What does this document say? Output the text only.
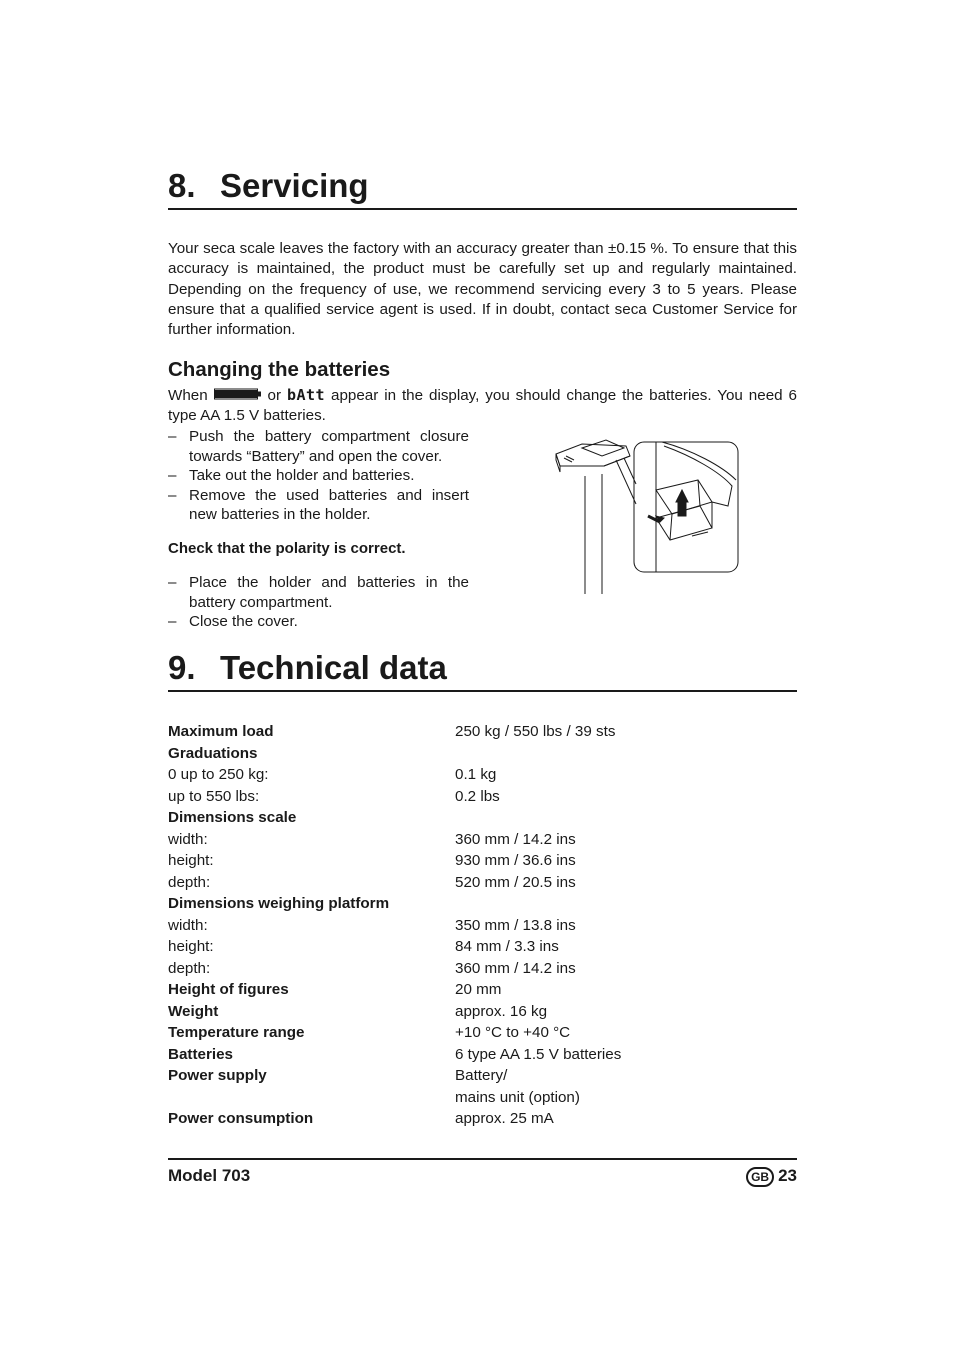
8. Servicing

Your seca scale leaves the factory with an accuracy greater than ±0.15 %. To ensure that this accuracy is maintained, the product must be carefully set up and regularly maintained. Depending on the frequency of use, we recommend servicing every 3 to 5 years. Please ensure that a qualified service agent is used. If in doubt, contact seca Customer Service for further information.

Changing the batteries

When	or bAtt appear in the display, you should change the batteries. You need 6 type AA 1.5 V batteries.

– Push the battery compartment closure towards “Battery” and open the cover.
– Take out the holder and batteries.
– Remove the used batteries and insert new batteries in the holder.
Check that the polarity is correct.
– Place the holder and batteries in the battery compartment.
– Close the cover.
9. Technical data
Maximum load	250 kg / 550 lbs / 39 sts
Graduations
0 up to 250 kg:	0.1 kg
up to 550 lbs:	0.2 lbs
Dimensions scale
width:	360 mm / 14.2 ins
height:	930 mm / 36.6 ins
depth:	520 mm / 20.5 ins
Dimensions weighing platform
width:	350 mm / 13.8 ins
height:	84 mm / 3.3 ins
depth:	360 mm / 14.2 ins
Height of figures	20 mm
Weight	approx. 16 kg
Temperature range	+10 °C to +40 °C
Batteries	6 type AA 1.5 V batteries
Power supply	Battery/
mains unit (option)
Power consumption	approx. 25 mA
Model 703	GB 23
